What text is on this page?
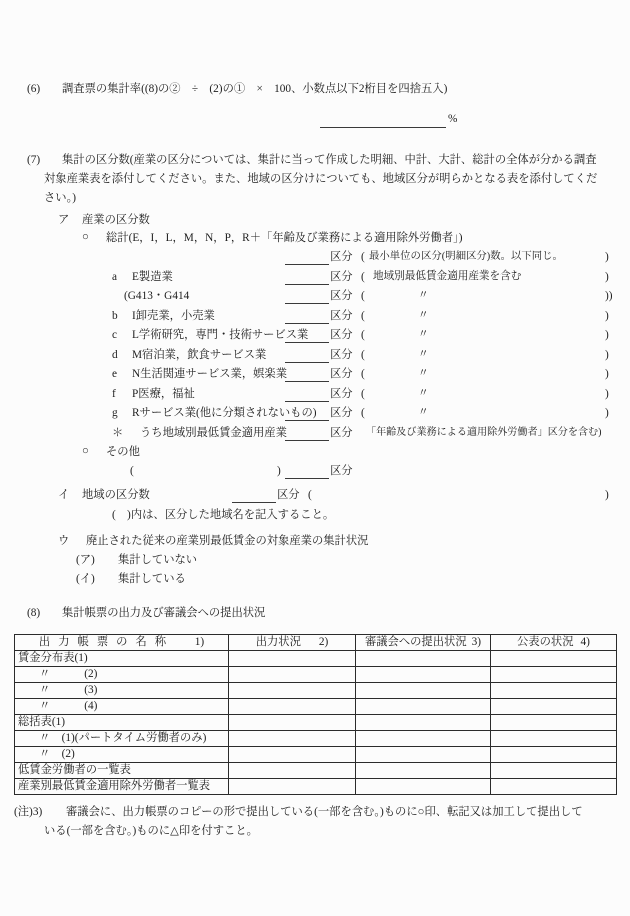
(6) 調査票の集計率((8)の②　÷　(2)の①　×　100、小数点以下2桁目を四捨五入)
%
(7) 集計の区分数(産業の区分については、集計に当って作成した明細、中計、大計、総計の全体が分かる調査
対象産業表を添付してください。また、地域の区分けについても、地域区分が明らかとなる表を添付してくだ
さい。)
ア 産業の区分数
○ 総計(E，I，L，M，N，P，R＋「年齢及び業務による適用除外労働者」)
区分 ( 最小単位の区分(明細区分)数。以下同じ。	)
a E製造業	区分 ( 地域別最低賃金適用産業を含む	)
(G413・G414	区分 (	〃	))
b I卸売業，小売業	区分 (	〃	)
c L学術研究，専門・技術サービス業 区分 (	〃	)
d M宿泊業，飲食サービス業	区分 (	〃	)
e N生活関連サービス業，娯楽業	区分 (	〃	)
f P医療，福祉	区分 (	〃	)
g Rサービス業(他に分類されないもの) 区分 (	〃	)
＊ うち地域別最低賃金適用産業	区分 「年齢及び業務による適用除外労働者」区分を含む)
○ その他
(	)	区分
イ 地域の区分数	区分 (	)
(　)内は、区分した地域名を記入すること。
ウ 廃止された従来の産業別最低賃金の対象産業の集計状況
(ア) 集計していない
(イ) 集計している
(8) 集計帳票の出力及び審議会への提出状況
出 力 帳 票 の 名 称 1)	出力状況 2)	審議会への提出状況 3)	公表の状況 4)
賃金分布表(1)			
〃　　　(2)			
〃　　　(3)			
〃　　　(4)			
総括表(1)			
〃　(1)(パートタイム労働者のみ)			
〃　(2)			
低賃金労働者の一覧表			
産業別最低賃金適用除外労働者一覧表			
(注)3) 審議会に、出力帳票のコピーの形で提出している(一部を含む。)ものに○印、転記又は加工して提出して
いる(一部を含む。)ものに△印を付すこと。
